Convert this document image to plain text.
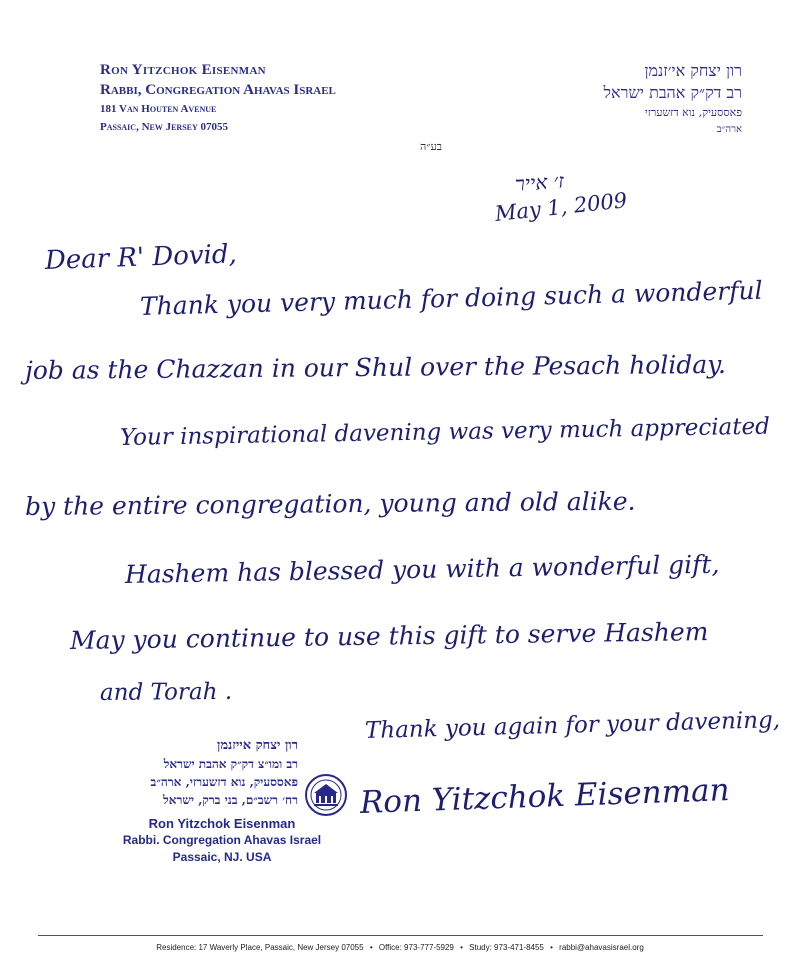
Ron Yitzchok Eisenman
Rabbi, Congregation Ahavas Israel
181 Van Houten Avenue
Passaic, New Jersey 07055
רון יצחק אי׳זנמן
רב דק״ק אהבת ישראל
פאססעיק, נוא דזשערזי
ארה״ב
בע״ה
ז׳ אייר
May 1, 2009
Dear R' Dovid,
Thank you very much for doing such a wonderful
job as the Chazzan in our Shul over the Pesach holiday.
Your inspirational davening was very much appreciated
by the entire congregation, young and old alike.
Hashem has blessed you with a wonderful gift,
May you continue to use this gift to serve Hashem
and Torah .
Thank you again for your davening,
Ron Yitzchok Eisenman
רון יצחק אייזנמן
רב ומו״צ דק״ק אהבת ישראל
פאססעיק, נוא דזשערזי, ארה״ב
רח׳ רשב״ם, בני ברק, ישראל
Ron Yitzchok Eisenman
Rabbi. Congregation Ahavas Israel
Passaic, NJ. USA
Residence: 17 Waverly Place, Passaic, New Jersey 07055 • Office: 973-777-5929 • Study: 973-471-8455 • rabbi@ahavasisrael.org
